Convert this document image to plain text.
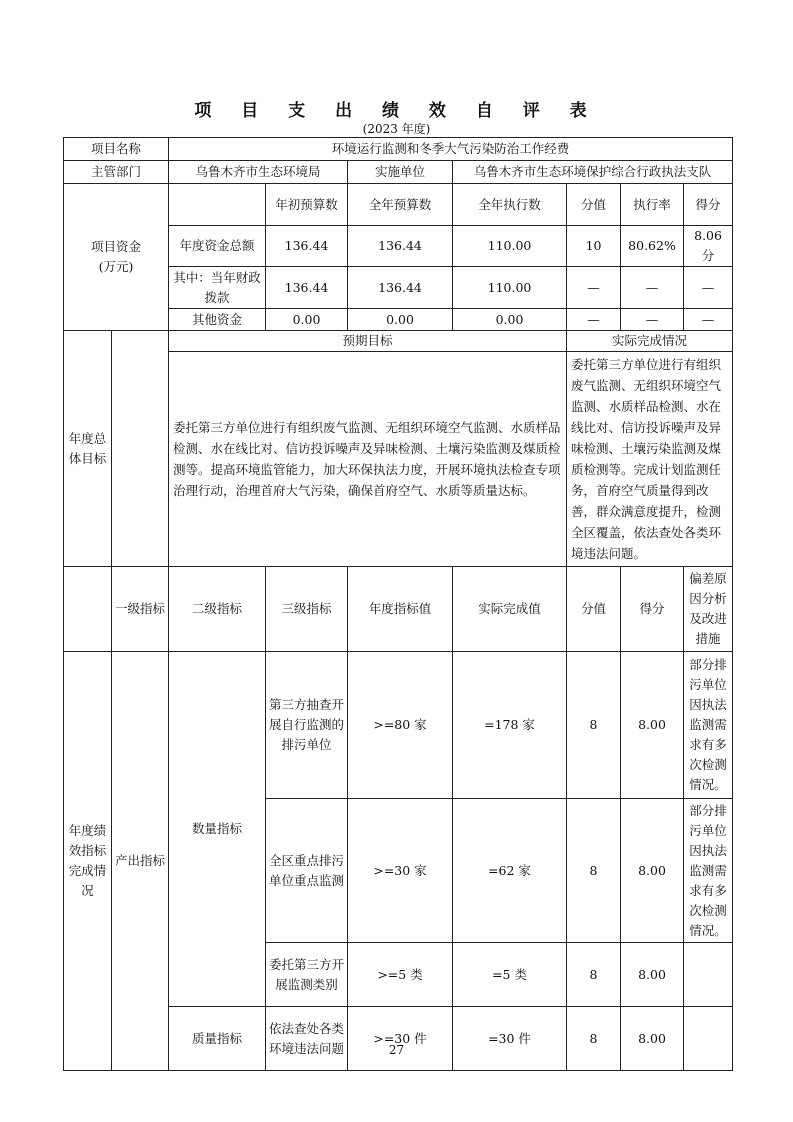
项 目 支 出 绩 效 自 评 表
(2023 年度)
项目名称		环境运行监测和冬季大气污染防治工作经费						
主管部门		乌鲁木齐市生态环境局		实施单位	乌鲁木齐市生态环境保护综合行政执法支队			

项目资金
(万元)			年初预算数	全年预算数	全年执行数	分值	执行率	得分
		年度资金总额	136.44	136.44	110.00	10	80.62%	8.06 分
		其中：当年财政拨款	136.44	136.44	110.00	—	—	—
		其他资金	0.00	0.00	0.00	—	—	—
年度总体目标		预期目标				实际完成情况		
		委托第三方单位进行有组织废气监测、无组织环境空气监测、水质样品检测、水在线比对、信访投诉噪声及异味检测、土壤污染监测及煤质检测等。提高环境监管能力，加大环保执法力度，开展环境执法检查专项治理行动，治理首府大气污染，确保首府空气、水质等质量达标。				委托第三方单位进行有组织废气监测、无组织环境空气监测、水质样品检测、水在线比对、信访投诉噪声及异味检测、土壤污染监测及煤质检测等。完成计划监测任务，首府空气质量得到改善，群众满意度提升，检测全区覆盖，依法查处各类环境违法问题。		
	一级指标	二级指标	三级指标	年度指标值	实际完成值	分值	得分	偏差原因分析及改进措施
年度绩效指标完成情况	产出指标	数量指标	第三方抽查开展自行监测的排污单位	>=80 家	=178 家	8	8.00	部分排污单位因执法监测需求有多次检测情况。
			全区重点排污单位重点监测	>=30 家	=62 家	8	8.00	部分排污单位因执法监测需求有多次检测情况。
			委托第三方开展监测类别	>=5 类	=5 类	8	8.00	
		质量指标	依法查处各类环境违法问题	>=30 件	=30 件	8	8.00	
27
